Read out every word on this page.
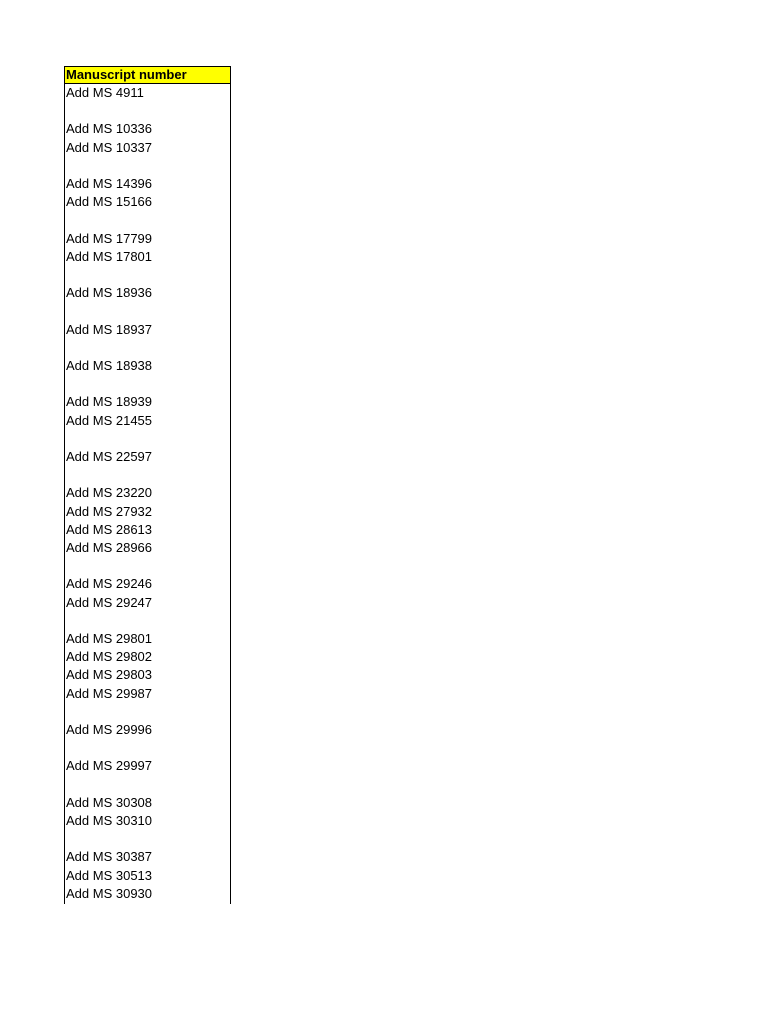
Manuscript number
Add MS 4911
Add MS 10336
Add MS 10337
Add MS 14396
Add MS 15166
Add MS 17799
Add MS 17801
Add MS 18936
Add MS 18937
Add MS 18938
Add MS 18939
Add MS 21455
Add MS 22597
Add MS 23220
Add MS 27932
Add MS 28613
Add MS 28966
Add MS 29246
Add MS 29247
Add MS 29801
Add MS 29802
Add MS 29803
Add MS 29987
Add MS 29996
Add MS 29997
Add MS 30308
Add MS 30310
Add MS 30387
Add MS 30513
Add MS 30930
